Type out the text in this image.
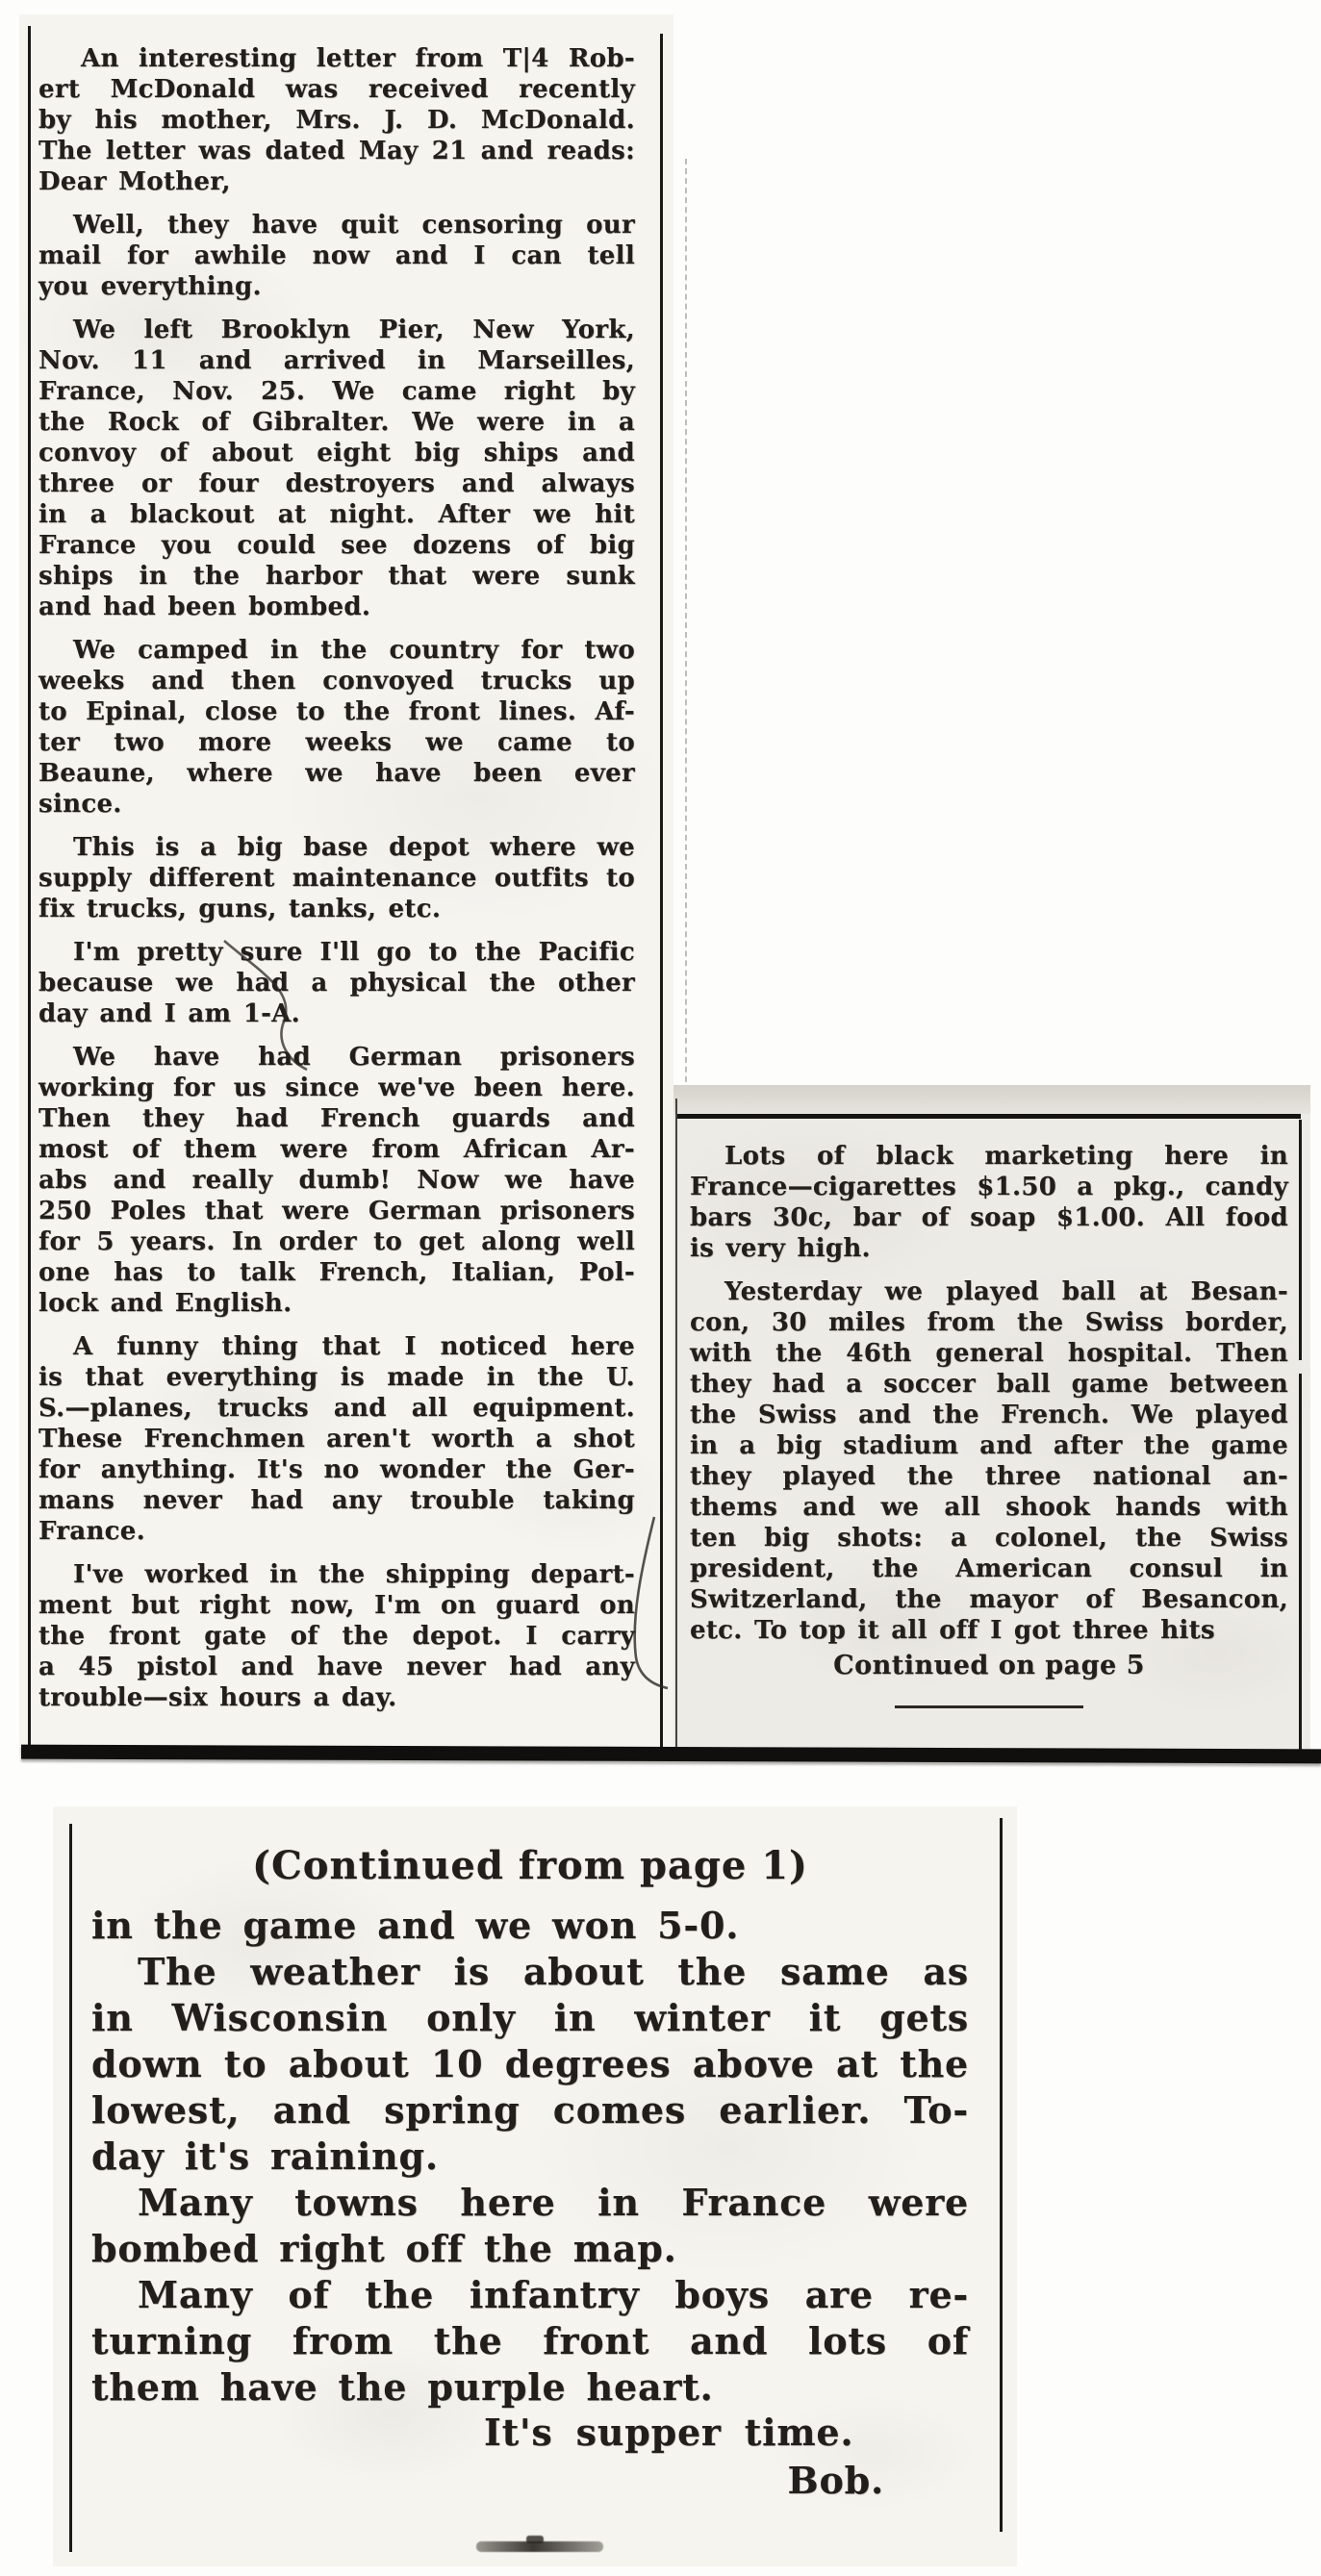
An interesting letter from T|4 Rob-
ert McDonald was received recently
by his mother, Mrs. J. D. McDonald.
The letter was dated May 21 and reads:
Dear Mother,
Well, they have quit censoring our
mail for awhile now and I can tell
you everything.
We left Brooklyn Pier, New York,
Nov. 11 and arrived in Marseilles,
France, Nov. 25. We came right by
the Rock of Gibralter. We were in a
convoy of about eight big ships and
three or four destroyers and always
in a blackout at night. After we hit
France you could see dozens of big
ships in the harbor that were sunk
and had been bombed.
We camped in the country for two
weeks and then convoyed trucks up
to Epinal, close to the front lines. Af-
ter two more weeks we came to
Beaune, where we have been ever
since.
This is a big base depot where we
supply different maintenance outfits to
fix trucks, guns, tanks, etc.
I'm pretty sure I'll go to the Pacific
because we had a physical the other
day and I am 1-A.
We have had German prisoners
working for us since we've been here.
Then they had French guards and
most of them were from African Ar-
abs and really dumb! Now we have
250 Poles that were German prisoners
for 5 years. In order to get along well
one has to talk French, Italian, Pol-
lock and English.
A funny thing that I noticed here
is that everything is made in the U.
S.—planes, trucks and all equipment.
These Frenchmen aren't worth a shot
for anything. It's no wonder the Ger-
mans never had any trouble taking
France.
I've worked in the shipping depart-
ment but right now, I'm on guard on
the front gate of the depot. I carry
a 45 pistol and have never had any
trouble—six hours a day.
Lots of black marketing here in
France—cigarettes $1.50 a pkg., candy
bars 30c, bar of soap $1.00. All food
is very high.
Yesterday we played ball at Besan-
con, 30 miles from the Swiss border,
with the 46th general hospital. Then
they had a soccer ball game between
the Swiss and the French. We played
in a big stadium and after the game
they played the three national an-
thems and we all shook hands with
ten big shots: a colonel, the Swiss
president, the American consul in
Switzerland, the mayor of Besancon,
etc. To top it all off I got three hits
Continued on page 5
(Continued from page 1)
in the game and we won 5-0.
The weather is about the same as
in Wisconsin only in winter it gets
down to about 10 degrees above at the
lowest, and spring comes earlier. To-
day it's raining.
Many towns here in France were
bombed right off the map.
Many of the infantry boys are re-
turning from the front and lots of
them have the purple heart.
It's supper time.
Bob.
